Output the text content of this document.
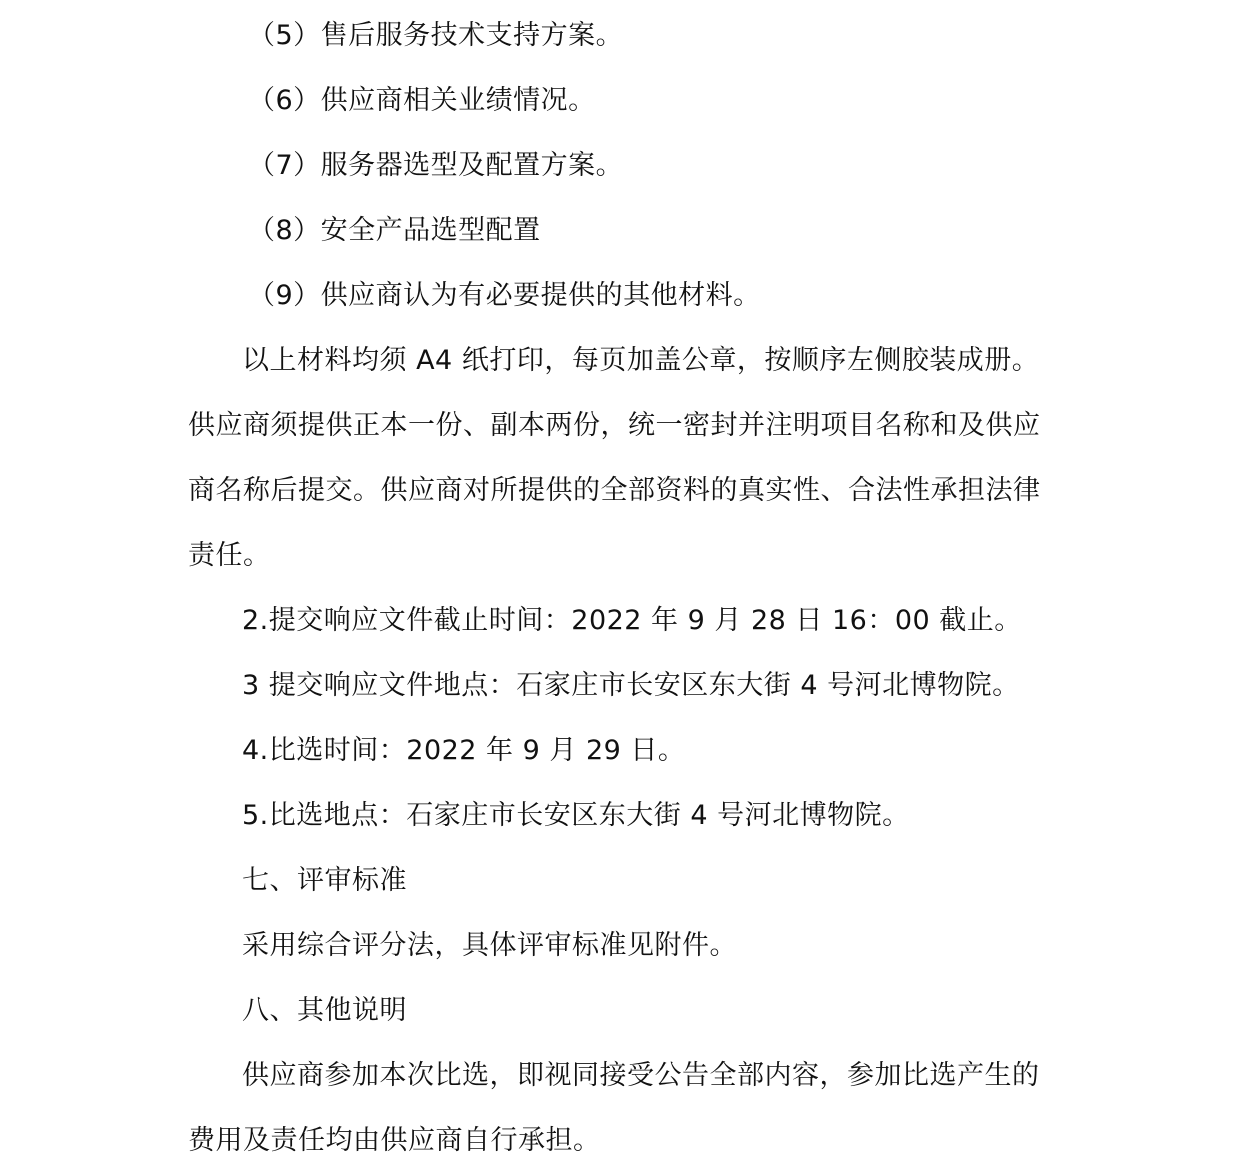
（5）售后服务技术支持方案。
（6）供应商相关业绩情况。
（7）服务器选型及配置方案。
（8）安全产品选型配置
（9）供应商认为有必要提供的其他材料。
以上材料均须 A4 纸打印，每页加盖公章，按顺序左侧胶装成册。
供应商须提供正本一份、副本两份，统一密封并注明项目名称和及供应
商名称后提交。供应商对所提供的全部资料的真实性、合法性承担法律
责任。
2.提交响应文件截止时间：2022 年 9 月 28 日 16：00 截止。
3 提交响应文件地点：石家庄市长安区东大街 4 号河北博物院。
4.比选时间：2022 年 9 月 29 日。
5.比选地点：石家庄市长安区东大街 4 号河北博物院。
七、评审标准
采用综合评分法，具体评审标准见附件。
八、其他说明
供应商参加本次比选，即视同接受公告全部内容，参加比选产生的
费用及责任均由供应商自行承担。
